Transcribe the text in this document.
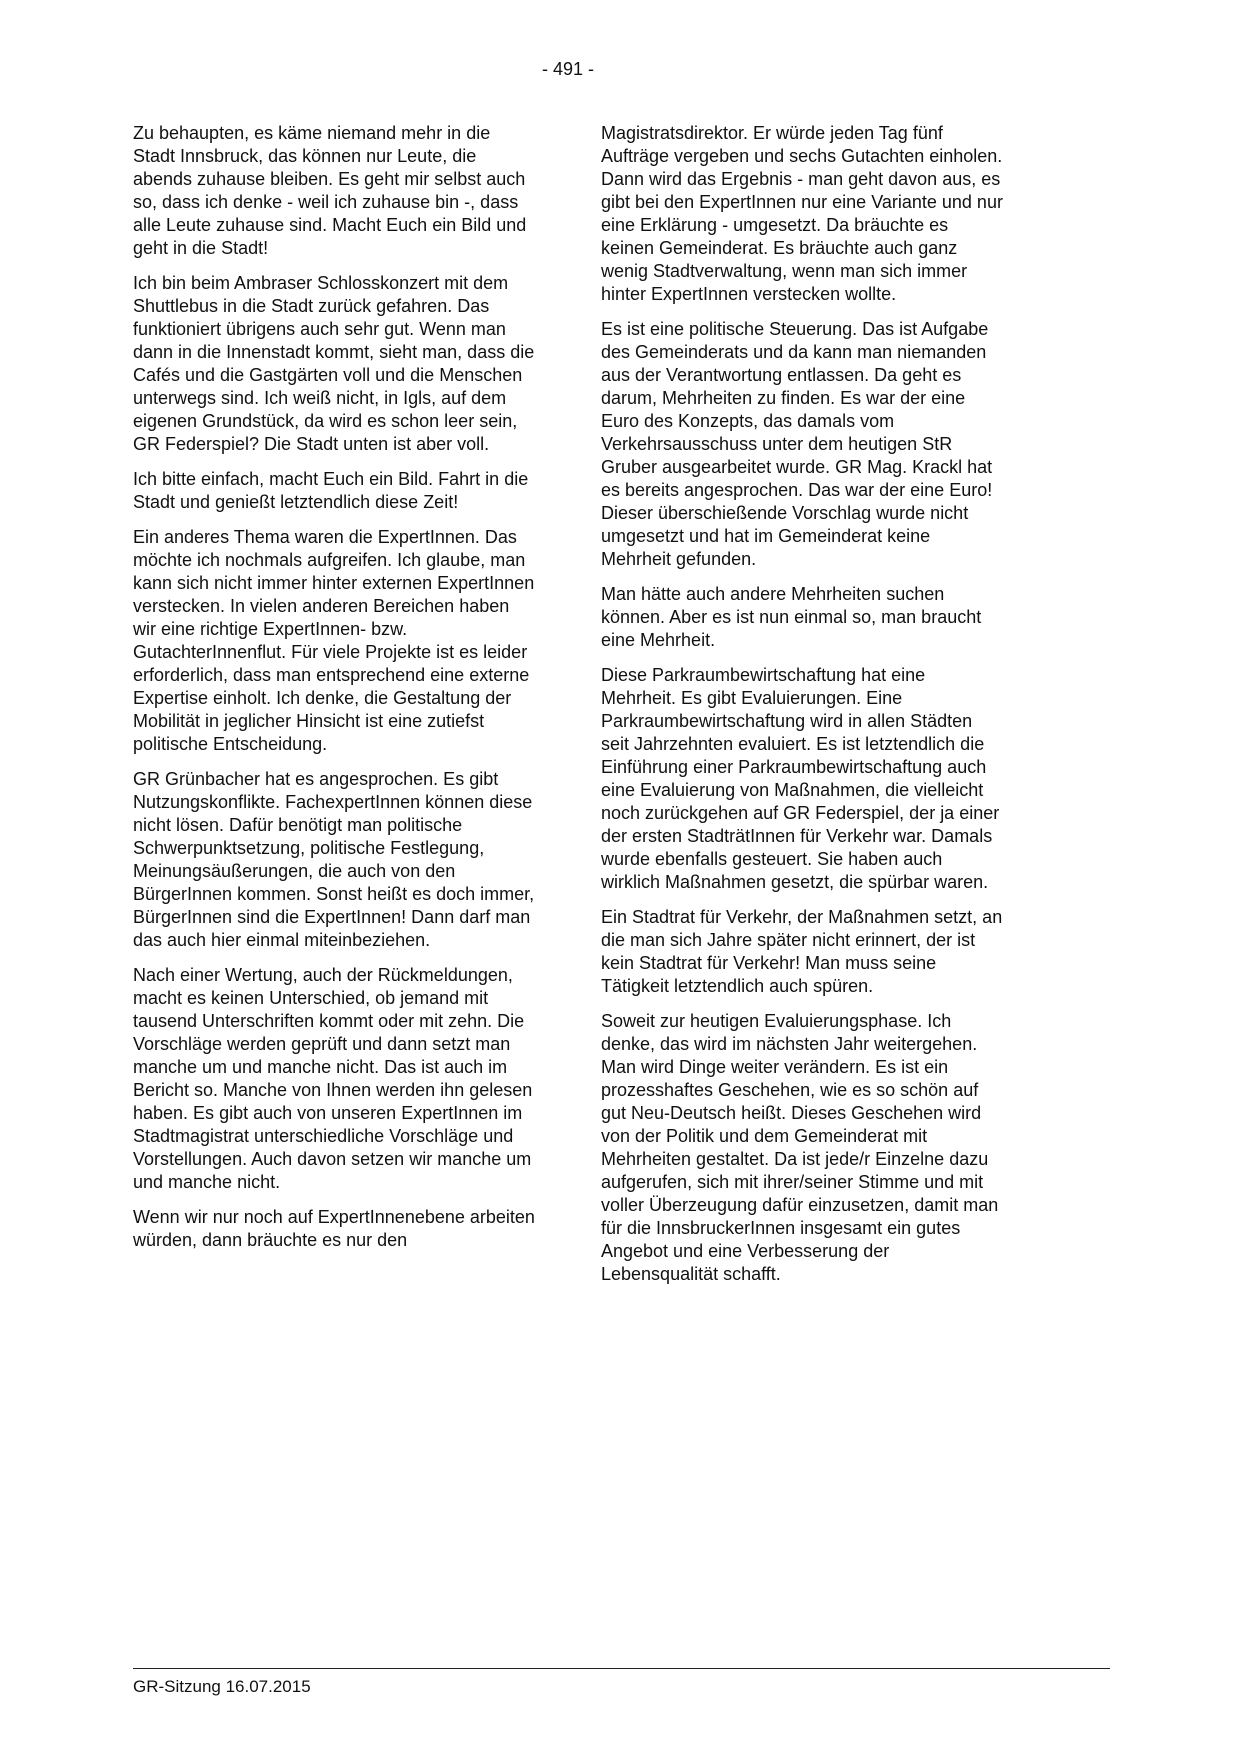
- 491 -

Zu behaupten, es käme niemand mehr in die Stadt Innsbruck, das können nur Leute, die abends zuhause bleiben. Es geht mir selbst auch so, dass ich denke - weil ich zuhause bin -, dass alle Leute zuhause sind. Macht Euch ein Bild und geht in die Stadt!

Ich bin beim Ambraser Schlosskonzert mit dem Shuttlebus in die Stadt zurück gefahren. Das funktioniert übrigens auch sehr gut. Wenn man dann in die Innenstadt kommt, sieht man, dass die Cafés und die Gastgärten voll und die Menschen unterwegs sind. Ich weiß nicht, in Igls, auf dem eigenen Grundstück, da wird es schon leer sein, GR Federspiel? Die Stadt unten ist aber voll.

Ich bitte einfach, macht Euch ein Bild. Fahrt in die Stadt und genießt letztendlich diese Zeit!

Ein anderes Thema waren die ExpertInnen. Das möchte ich nochmals aufgreifen. Ich glaube, man kann sich nicht immer hinter externen ExpertInnen verstecken. In vielen anderen Bereichen haben wir eine richtige ExpertInnen- bzw. GutachterInnenflut. Für viele Projekte ist es leider erforderlich, dass man entsprechend eine externe Expertise einholt. Ich denke, die Gestaltung der Mobilität in jeglicher Hinsicht ist eine zutiefst politische Entscheidung.

GR Grünbacher hat es angesprochen. Es gibt Nutzungskonflikte. FachexpertInnen können diese nicht lösen. Dafür benötigt man politische Schwerpunktsetzung, politische Festlegung, Meinungsäußerungen, die auch von den BürgerInnen kommen. Sonst heißt es doch immer, BürgerInnen sind die ExpertInnen! Dann darf man das auch hier einmal miteinbeziehen.

Nach einer Wertung, auch der Rückmeldungen, macht es keinen Unterschied, ob jemand mit tausend Unterschriften kommt oder mit zehn. Die Vorschläge werden geprüft und dann setzt man manche um und manche nicht. Das ist auch im Bericht so. Manche von Ihnen werden ihn gelesen haben. Es gibt auch von unseren ExpertInnen im Stadtmagistrat unterschiedliche Vorschläge und Vorstellungen. Auch davon setzen wir manche um und manche nicht.

Wenn wir nur noch auf ExpertInnenebene arbeiten würden, dann bräuchte es nur den

Magistratsdirektor. Er würde jeden Tag fünf Aufträge vergeben und sechs Gutachten einholen. Dann wird das Ergebnis - man geht davon aus, es gibt bei den ExpertInnen nur eine Variante und nur eine Erklärung - umgesetzt. Da bräuchte es keinen Gemeinderat. Es bräuchte auch ganz wenig Stadtverwaltung, wenn man sich immer hinter ExpertInnen verstecken wollte.

Es ist eine politische Steuerung. Das ist Aufgabe des Gemeinderats und da kann man niemanden aus der Verantwortung entlassen. Da geht es darum, Mehrheiten zu finden. Es war der eine Euro des Konzepts, das damals vom Verkehrsausschuss unter dem heutigen StR Gruber ausgearbeitet wurde. GR Mag. Krackl hat es bereits angesprochen. Das war der eine Euro! Dieser überschießende Vorschlag wurde nicht umgesetzt und hat im Gemeinderat keine Mehrheit gefunden.

Man hätte auch andere Mehrheiten suchen können. Aber es ist nun einmal so, man braucht eine Mehrheit.

Diese Parkraumbewirtschaftung hat eine Mehrheit. Es gibt Evaluierungen. Eine Parkraumbewirtschaftung wird in allen Städten seit Jahrzehnten evaluiert. Es ist letztendlich die Einführung einer Parkraumbewirtschaftung auch eine Evaluierung von Maßnahmen, die vielleicht noch zurückgehen auf GR Federspiel, der ja einer der ersten StadträtInnen für Verkehr war. Damals wurde ebenfalls gesteuert. Sie haben auch wirklich Maßnahmen gesetzt, die spürbar waren.

Ein Stadtrat für Verkehr, der Maßnahmen setzt, an die man sich Jahre später nicht erinnert, der ist kein Stadtrat für Verkehr! Man muss seine Tätigkeit letztendlich auch spüren.

Soweit zur heutigen Evaluierungsphase. Ich denke, das wird im nächsten Jahr weitergehen. Man wird Dinge weiter verändern. Es ist ein prozesshaftes Geschehen, wie es so schön auf gut Neu-Deutsch heißt. Dieses Geschehen wird von der Politik und dem Gemeinderat mit Mehrheiten gestaltet. Da ist jede/r Einzelne dazu aufgerufen, sich mit ihrer/seiner Stimme und mit voller Überzeugung dafür einzusetzen, damit man für die InnsbruckerInnen insgesamt ein gutes Angebot und eine Verbesserung der Lebensqualität schafft.

GR-Sitzung 16.07.2015
